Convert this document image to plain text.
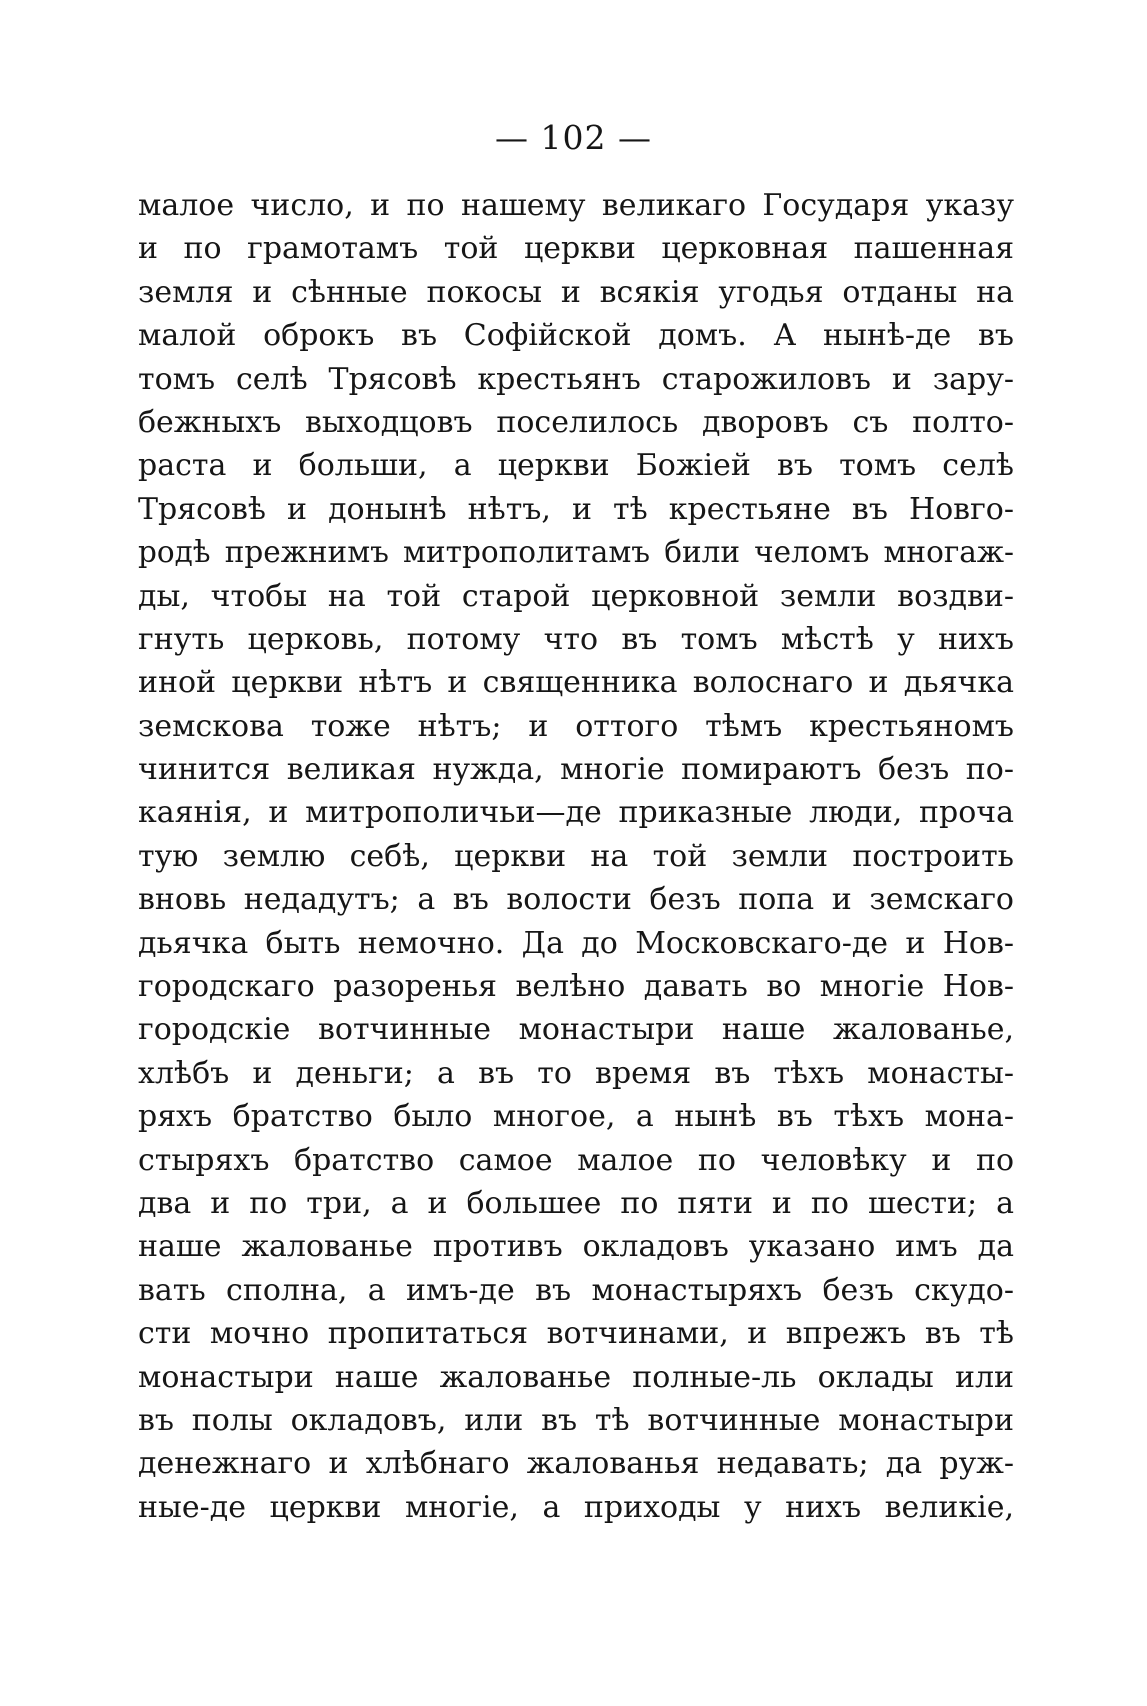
— 102 —
малое число, и по нашему великаго Государя указу
и по грамотамъ той церкви церковная пашенная
земля и сѣнные покосы и всякія угодья отданы на
малой оброкъ въ Софійской домъ. А нынѣ-де въ
томъ селѣ Трясовѣ крестьянъ старожиловъ и зару-
бежныхъ выходцовъ поселилось дворовъ съ полто-
раста и больши, а церкви Божіей въ томъ селѣ
Трясовѣ и донынѣ нѣтъ, и тѣ крестьяне въ Новго-
родѣ прежнимъ митрополитамъ били челомъ многаж-
ды, чтобы на той старой церковной земли воздви-
гнуть церковь, потому что въ томъ мѣстѣ у нихъ
иной церкви нѣтъ и священника волоснаго и дьячка
земскова тоже нѣтъ; и оттого тѣмъ крестьяномъ
чинится великая нужда, многіе помираютъ безъ по-
каянія, и митрополичьи—де приказные люди, проча
тую землю себѣ, церкви на той земли построить
вновь недадутъ; а въ волости безъ попа и земскаго
дьячка быть немочно. Да до Московскаго-де и Нов-
городскаго разоренья велѣно давать во многіе Нов-
городскіе вотчинные монастыри наше жалованье,
хлѣбъ и деньги; а въ то время въ тѣхъ монасты-
ряхъ братство было многое, а нынѣ въ тѣхъ мона-
стыряхъ братство самое малое по человѣку и по
два и по три, а и большее по пяти и по шести; а
наше жалованье противъ окладовъ указано имъ да
вать сполна, а имъ-де въ монастыряхъ безъ скудо-
сти мочно пропитаться вотчинами, и впрежъ въ тѣ
монастыри наше жалованье полные-ль оклады или
въ полы окладовъ, или въ тѣ вотчинные монастыри
денежнаго и хлѣбнаго жалованья недавать; да руж-
ные-де церкви многіе, а приходы у нихъ великіе,
